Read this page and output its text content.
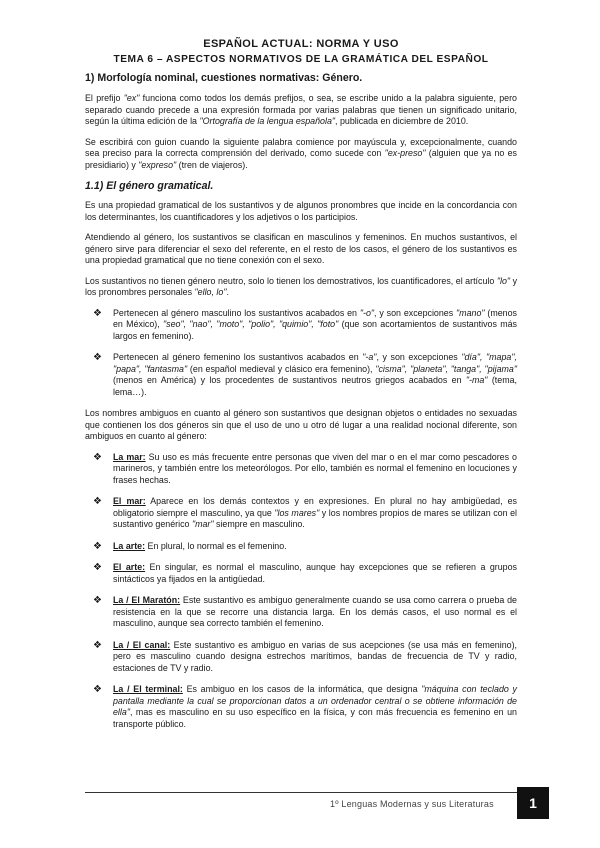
ESPAÑOL ACTUAL: NORMA Y USO
TEMA 6 – ASPECTOS NORMATIVOS DE LA GRAMÁTICA DEL ESPAÑOL
1) Morfología nominal, cuestiones normativas: Género.

El prefijo "ex" funciona como todos los demás prefijos, o sea, se escribe unido a la palabra siguiente, pero separado cuando precede a una expresión formada por varias palabras que tienen un significado unitario, según la última edición de la "Ortografía de la lengua española", publicada en diciembre de 2010.

Se escribirá con guion cuando la siguiente palabra comience por mayúscula y, excepcionalmente, cuando sea preciso para la correcta comprensión del derivado, como sucede con "ex-preso" (alguien que ya no es presidiario) y "expreso" (tren de viajeros).

1.1) El género gramatical.

Es una propiedad gramatical de los sustantivos y de algunos pronombres que incide en la concordancia con los determinantes, los cuantificadores y los adjetivos o los participios.

Atendiendo al género, los sustantivos se clasifican en masculinos y femeninos. En muchos sustantivos, el género sirve para diferenciar el sexo del referente, en el resto de los casos, el género de los sustantivos es una propiedad gramatical que no tiene conexión con el sexo.

Los sustantivos no tienen género neutro, solo lo tienen los demostrativos, los cuantificadores, el artículo "lo" y los pronombres personales "ello, lo".

❖ Pertenecen al género masculino los sustantivos acabados en "-o", y son excepciones "mano" (menos en México), "seo", "nao", "moto", "polio", "quimio", "foto" (que son acortamientos de sustantivos más largos en femenino).
❖ Pertenecen al género femenino los sustantivos acabados en "-a", y son excepciones "día", "mapa", "papa", "fantasma" (en español medieval y clásico era femenino), "cisma", "planeta", "tanga", "pijama" (menos en América) y los procedentes de sustantivos neutros griegos acabados en "-ma" (tema, lema…).

Los nombres ambiguos en cuanto al género son sustantivos que designan objetos o entidades no sexuadas que contienen los dos géneros sin que el uso de uno u otro dé lugar a una realidad nocional diferente, son ambiguos en cuanto al género:

❖ La mar: Su uso es más frecuente entre personas que viven del mar o en el mar como pescadores o marineros, y también entre los meteorólogos. Por ello, también es normal el femenino en locuciones y frases hechas.
❖ El mar: Aparece en los demás contextos y en expresiones. En plural no hay ambigüedad, es obligatorio siempre el masculino, ya que "los mares" y los nombres propios de mares se utilizan con el sustantivo genérico "mar" siempre en masculino.
❖ La arte: En plural, lo normal es el femenino.
❖ El arte: En singular, es normal el masculino, aunque hay excepciones que se refieren a grupos sintácticos ya fijados en la antigüedad.
❖ La / El Maratón: Este sustantivo es ambiguo generalmente cuando se usa como carrera o prueba de resistencia en la que se recorre una distancia larga. En los demás casos, el uso normal es el masculino, aunque sea correcto también el femenino.
❖ La / El canal: Este sustantivo es ambiguo en varias de sus acepciones (se usa más en femenino), pero es masculino cuando designa estrechos marítimos, bandas de frecuencia de TV y radio, estaciones de TV y radio.
❖ La / El terminal: Es ambiguo en los casos de la informática, que designa "máquina con teclado y pantalla mediante la cual se proporcionan datos a un ordenador central o se obtiene información de ella", mas es masculino en su uso específico en la física, y con más frecuencia es femenino en un transporte público.
1º Lenguas Modernas y sus Literaturas	1
